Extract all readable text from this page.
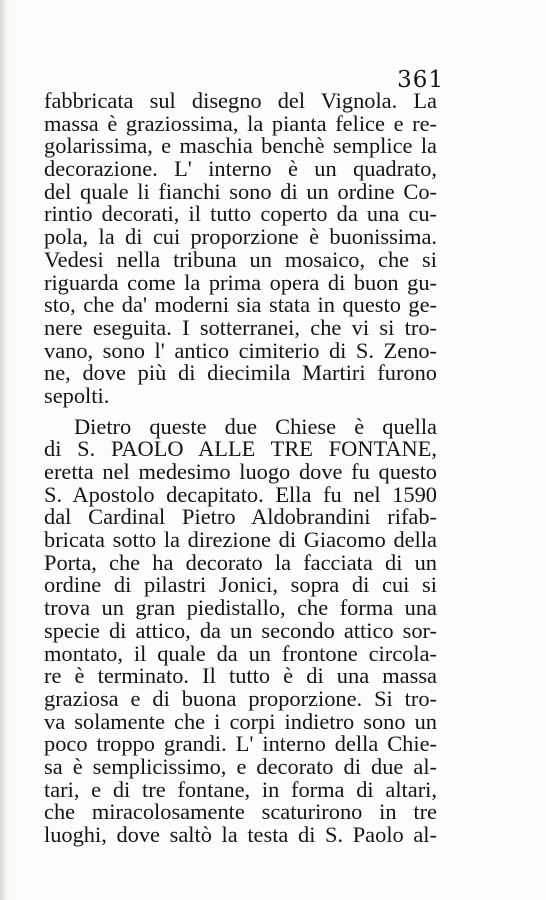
361
fabbricata sul disegno del Vignola. La
massa è graziossima, la pianta felice e re-
golarissima, e maschia benchè semplice la
decorazione. L' interno è un quadrato,
del quale li fianchi sono di un ordine Co-
rintio decorati, il tutto coperto da una cu-
pola, la di cui proporzione è buonissima.
Vedesi nella tribuna un mosaico, che si
riguarda come la prima opera di buon gu-
sto, che da' moderni sia stata in questo ge-
nere eseguita. I sotterranei, che vi si tro-
vano, sono l' antico cimiterio di S. Zeno-
ne, dove più di diecimila Martiri furono
sepolti.
Dietro queste due Chiese è quella
di S. PAOLO ALLE TRE FONTANE,
eretta nel medesimo luogo dove fu questo
S. Apostolo decapitato. Ella fu nel 1590
dal Cardinal Pietro Aldobrandini rifab-
bricata sotto la direzione di Giacomo della
Porta, che ha decorato la facciata di un
ordine di pilastri Jonici, sopra di cui si
trova un gran piedistallo, che forma una
specie di attico, da un secondo attico sor-
montato, il quale da un frontone circola-
re è terminato. Il tutto è di una massa
graziosa e di buona proporzione. Si tro-
va solamente che i corpi indietro sono un
poco troppo grandi. L' interno della Chie-
sa è semplicissimo, e decorato di due al-
tari, e di tre fontane, in forma di altari,
che miracolosamente scaturirono in tre
luoghi, dove saltò la testa di S. Paolo al-
